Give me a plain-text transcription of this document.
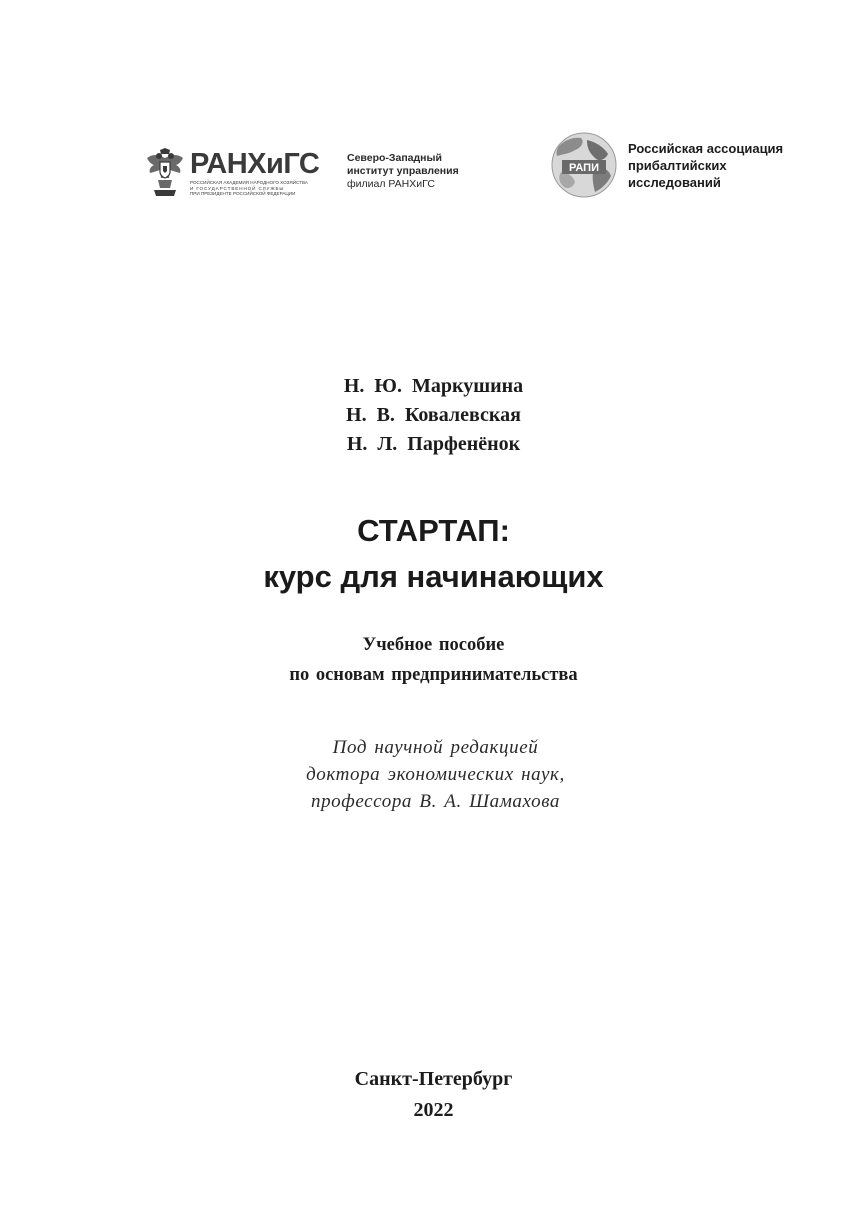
РАНХиГС
РОССИЙСКАЯ АКАДЕМИЯ НАРОДНОГО ХОЗЯЙСТВА
И ГОСУДАРСТВЕННОЙ СЛУЖБЫ
ПРИ ПРЕЗИДЕНТЕ РОССИЙСКОЙ ФЕДЕРАЦИИ
Северо-Западный
институт управления
филиал РАНХиГС
РАПИ
Российская ассоциация
прибалтийских
исследований
Н. Ю. Маркушина
Н. В. Ковалевская
Н. Л. Парфенёнок
СТАРТАП:
курс для начинающих
Учебное пособие
по основам предпринимательства
Под научной редакцией
доктора экономических наук,
профессора В. А. Шамахова
Санкт-Петербург
2022
